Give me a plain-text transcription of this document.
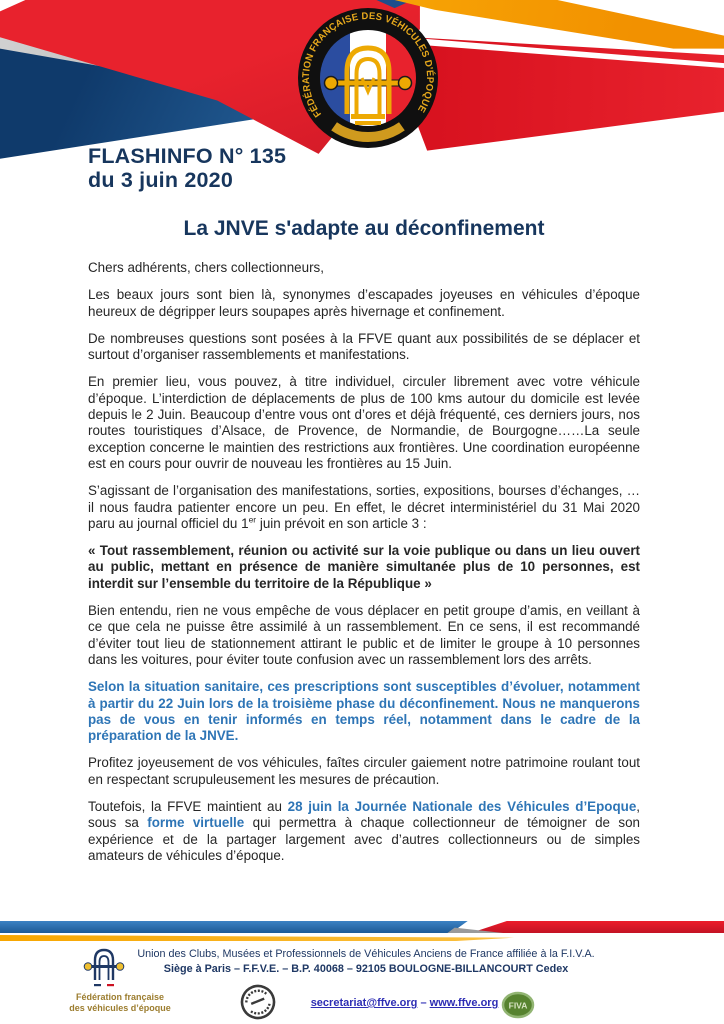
FÉDÉRATION FRANÇAISE DES VÉHICULES D'ÉPOQUE
FLASHINFO N° 135
du 3 juin 2020
La JNVE s'adapte au déconfinement

Chers adhérents, chers collectionneurs,

Les beaux jours sont bien là, synonymes d’escapades joyeuses en véhicules d’époque heureux de dégripper leurs soupapes après hivernage et confinement.

De nombreuses questions sont posées à la FFVE quant aux possibilités de se déplacer et surtout d’organiser rassemblements et manifestations.

En premier lieu, vous pouvez, à titre individuel, circuler librement avec votre véhicule d’époque. L’interdiction de déplacements de plus de 100 kms autour du domicile est levée depuis le 2 Juin. Beaucoup d’entre vous ont d’ores et déjà fréquenté, ces derniers jours, nos routes touristiques d’Alsace, de Provence, de Normandie, de Bourgogne……La seule exception concerne le maintien des restrictions aux frontières. Une coordination européenne est en cours pour ouvrir de nouveau les frontières au 15 Juin.

S’agissant de l’organisation des manifestations, sorties, expositions, bourses d’échanges, … il nous faudra patienter encore un peu. En effet, le décret interministériel du 31 Mai 2020 paru au journal officiel du 1er juin prévoit en son article 3 :

« Tout rassemblement, réunion ou activité sur la voie publique ou dans un lieu ouvert au public, mettant en présence de manière simultanée plus de 10 personnes, est interdit sur l’ensemble du territoire de la République »

Bien entendu, rien ne vous empêche de vous déplacer en petit groupe d’amis, en veillant à ce que cela ne puisse être assimilé à un rassemblement. En ce sens, il est recommandé d’éviter tout lieu de stationnement attirant le public et de limiter le groupe à 10 personnes dans les voitures, pour éviter toute confusion avec un rassemblement lors des arrêts.

Selon la situation sanitaire, ces prescriptions sont susceptibles d’évoluer, notamment à partir du 22 Juin lors de la troisième phase du déconfinement. Nous ne manquerons pas de vous en tenir informés en temps réel, notamment dans le cadre de la préparation de la JNVE.

Profitez joyeusement de vos véhicules, faîtes circuler gaiement notre patrimoine roulant tout en respectant scrupuleusement les mesures de précaution.

Toutefois, la FFVE maintient au 28 juin la Journée Nationale des Véhicules d’Epoque, sous sa forme virtuelle qui permettra à chaque collectionneur de témoigner de son expérience et de la partager largement avec d’autres collectionneurs ou de simples amateurs de véhicules d’époque.

Union des Clubs, Musées et Professionnels de Véhicules Anciens de France affiliée à la F.I.V.A.
Siège à Paris – F.F.V.E. – B.P. 40068 – 92105 BOULOGNE-BILLANCOURT Cedex
Fédération française
des véhicules d’époque	secretariat@ffve.org – www.ffve.org	FIVA
